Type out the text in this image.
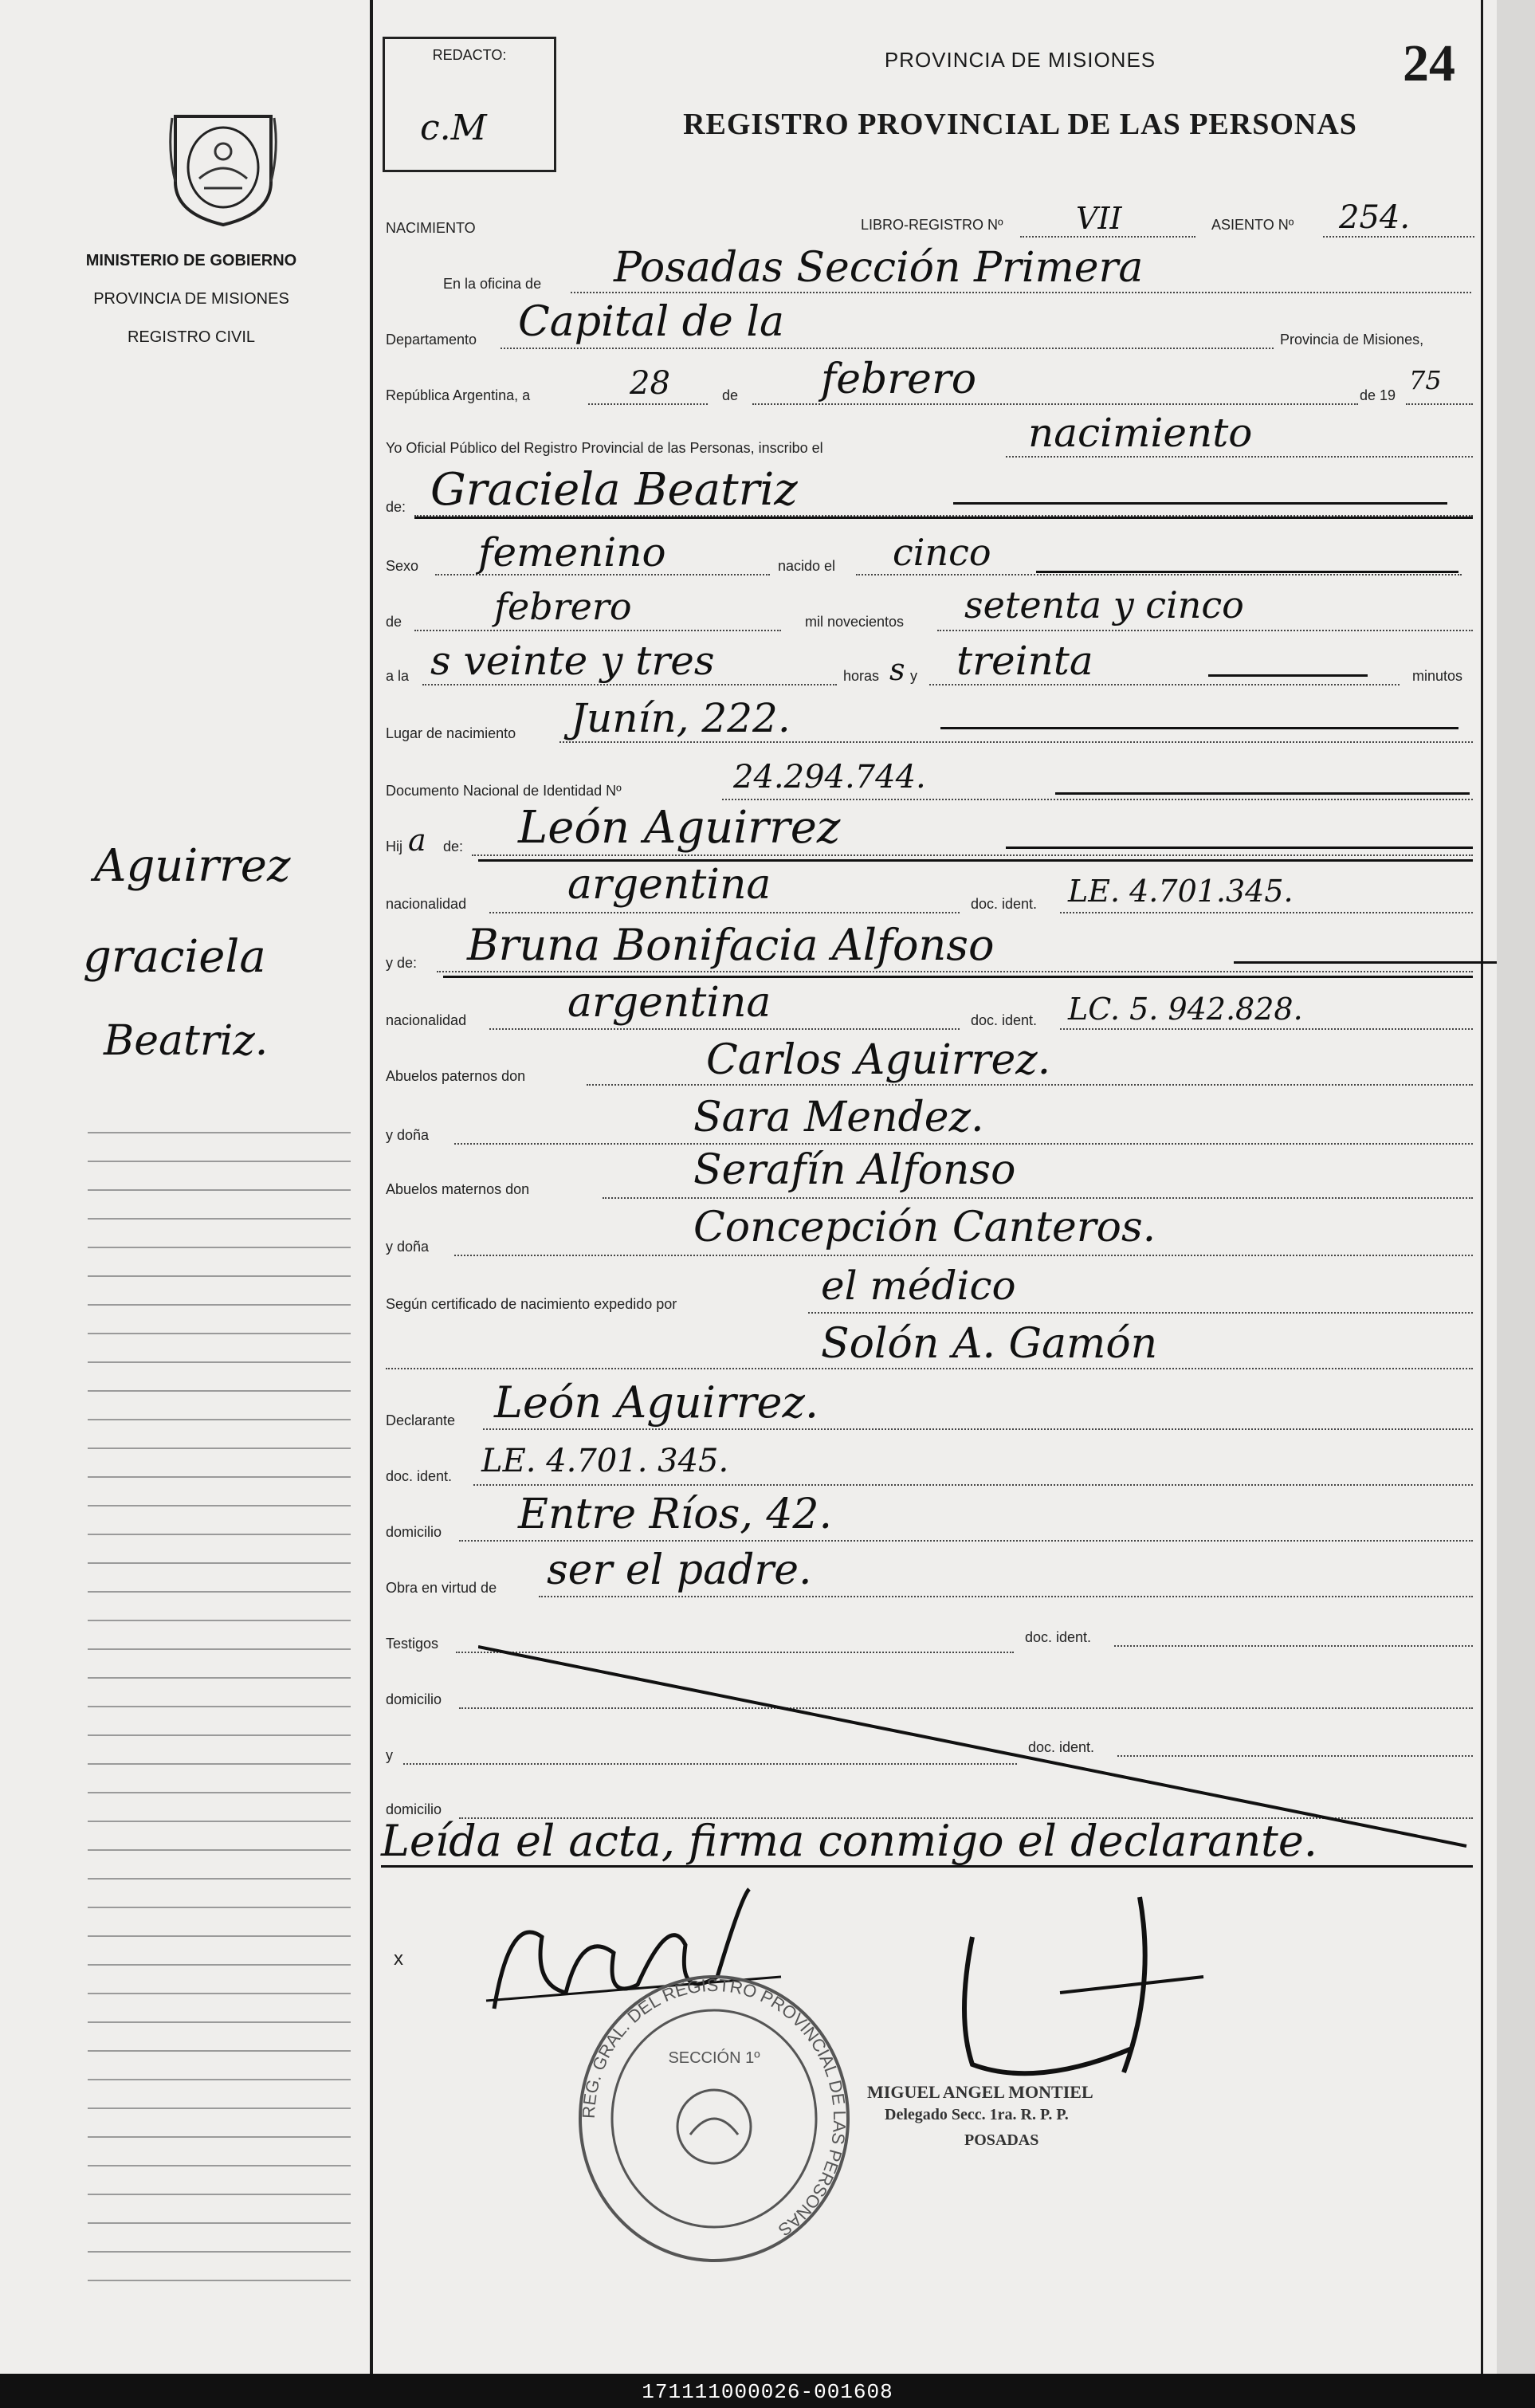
MINISTERIO DE GOBIERNO
PROVINCIA DE MISIONES
REGISTRO CIVIL
Aguirrez
graciela
Beatriz.
REDACTO:
c.M
PROVINCIA DE MISIONES
REGISTRO PROVINCIAL DE LAS PERSONAS
24
NACIMIENTO	LIBRO-REGISTRO Nº VII	ASIENTO Nº 254.
En la oficina de Posadas Sección Primera
Departamento Capital de la	Provincia de Misiones,
República Argentina, a	28	de febrero	de 19 75
Yo Oficial Público del Registro Provincial de las Personas, inscribo el	nacimiento
de: Graciela Beatriz
Sexo femenino	nacido el cinco
de	febrero	mil novecientos setenta y cinco
a la s veinte y tres	horas s y treinta	minutos
Lugar de nacimiento Junín, 222.
Documento Nacional de Identidad Nº	24.294.744.
Hij a de: León Aguirrez
nacionalidad argentina	doc. ident. LE. 4.701.345.
y de: Bruna Bonifacia Alfonso
nacionalidad argentina	doc. ident. LC. 5. 942.828.
Abuelos paternos don	Carlos Aguirrez.
y doña	Sara Mendez.
Abuelos maternos don	Serafín Alfonso
y doña	Concepción Canteros.
Según certificado de nacimiento expedido por	el médico
Solón A. Gamón
Declarante León Aguirrez.
doc. ident. LE. 4.701. 345.
domicilio Entre Ríos, 42.
Obra en virtud de ser el padre.
Testigos	doc. ident.
domicilio
y	doc. ident.
domicilio
Leída el acta, firma conmigo el declarante.
x
REG. GRAL. DEL REGISTRO PROVINCIAL DE LAS PERSONAS
SECCIÓN 1º
MIGUEL ANGEL MONTIEL
Delegado Secc. 1ra. R. P. P.
POSADAS
171111000026-001608
